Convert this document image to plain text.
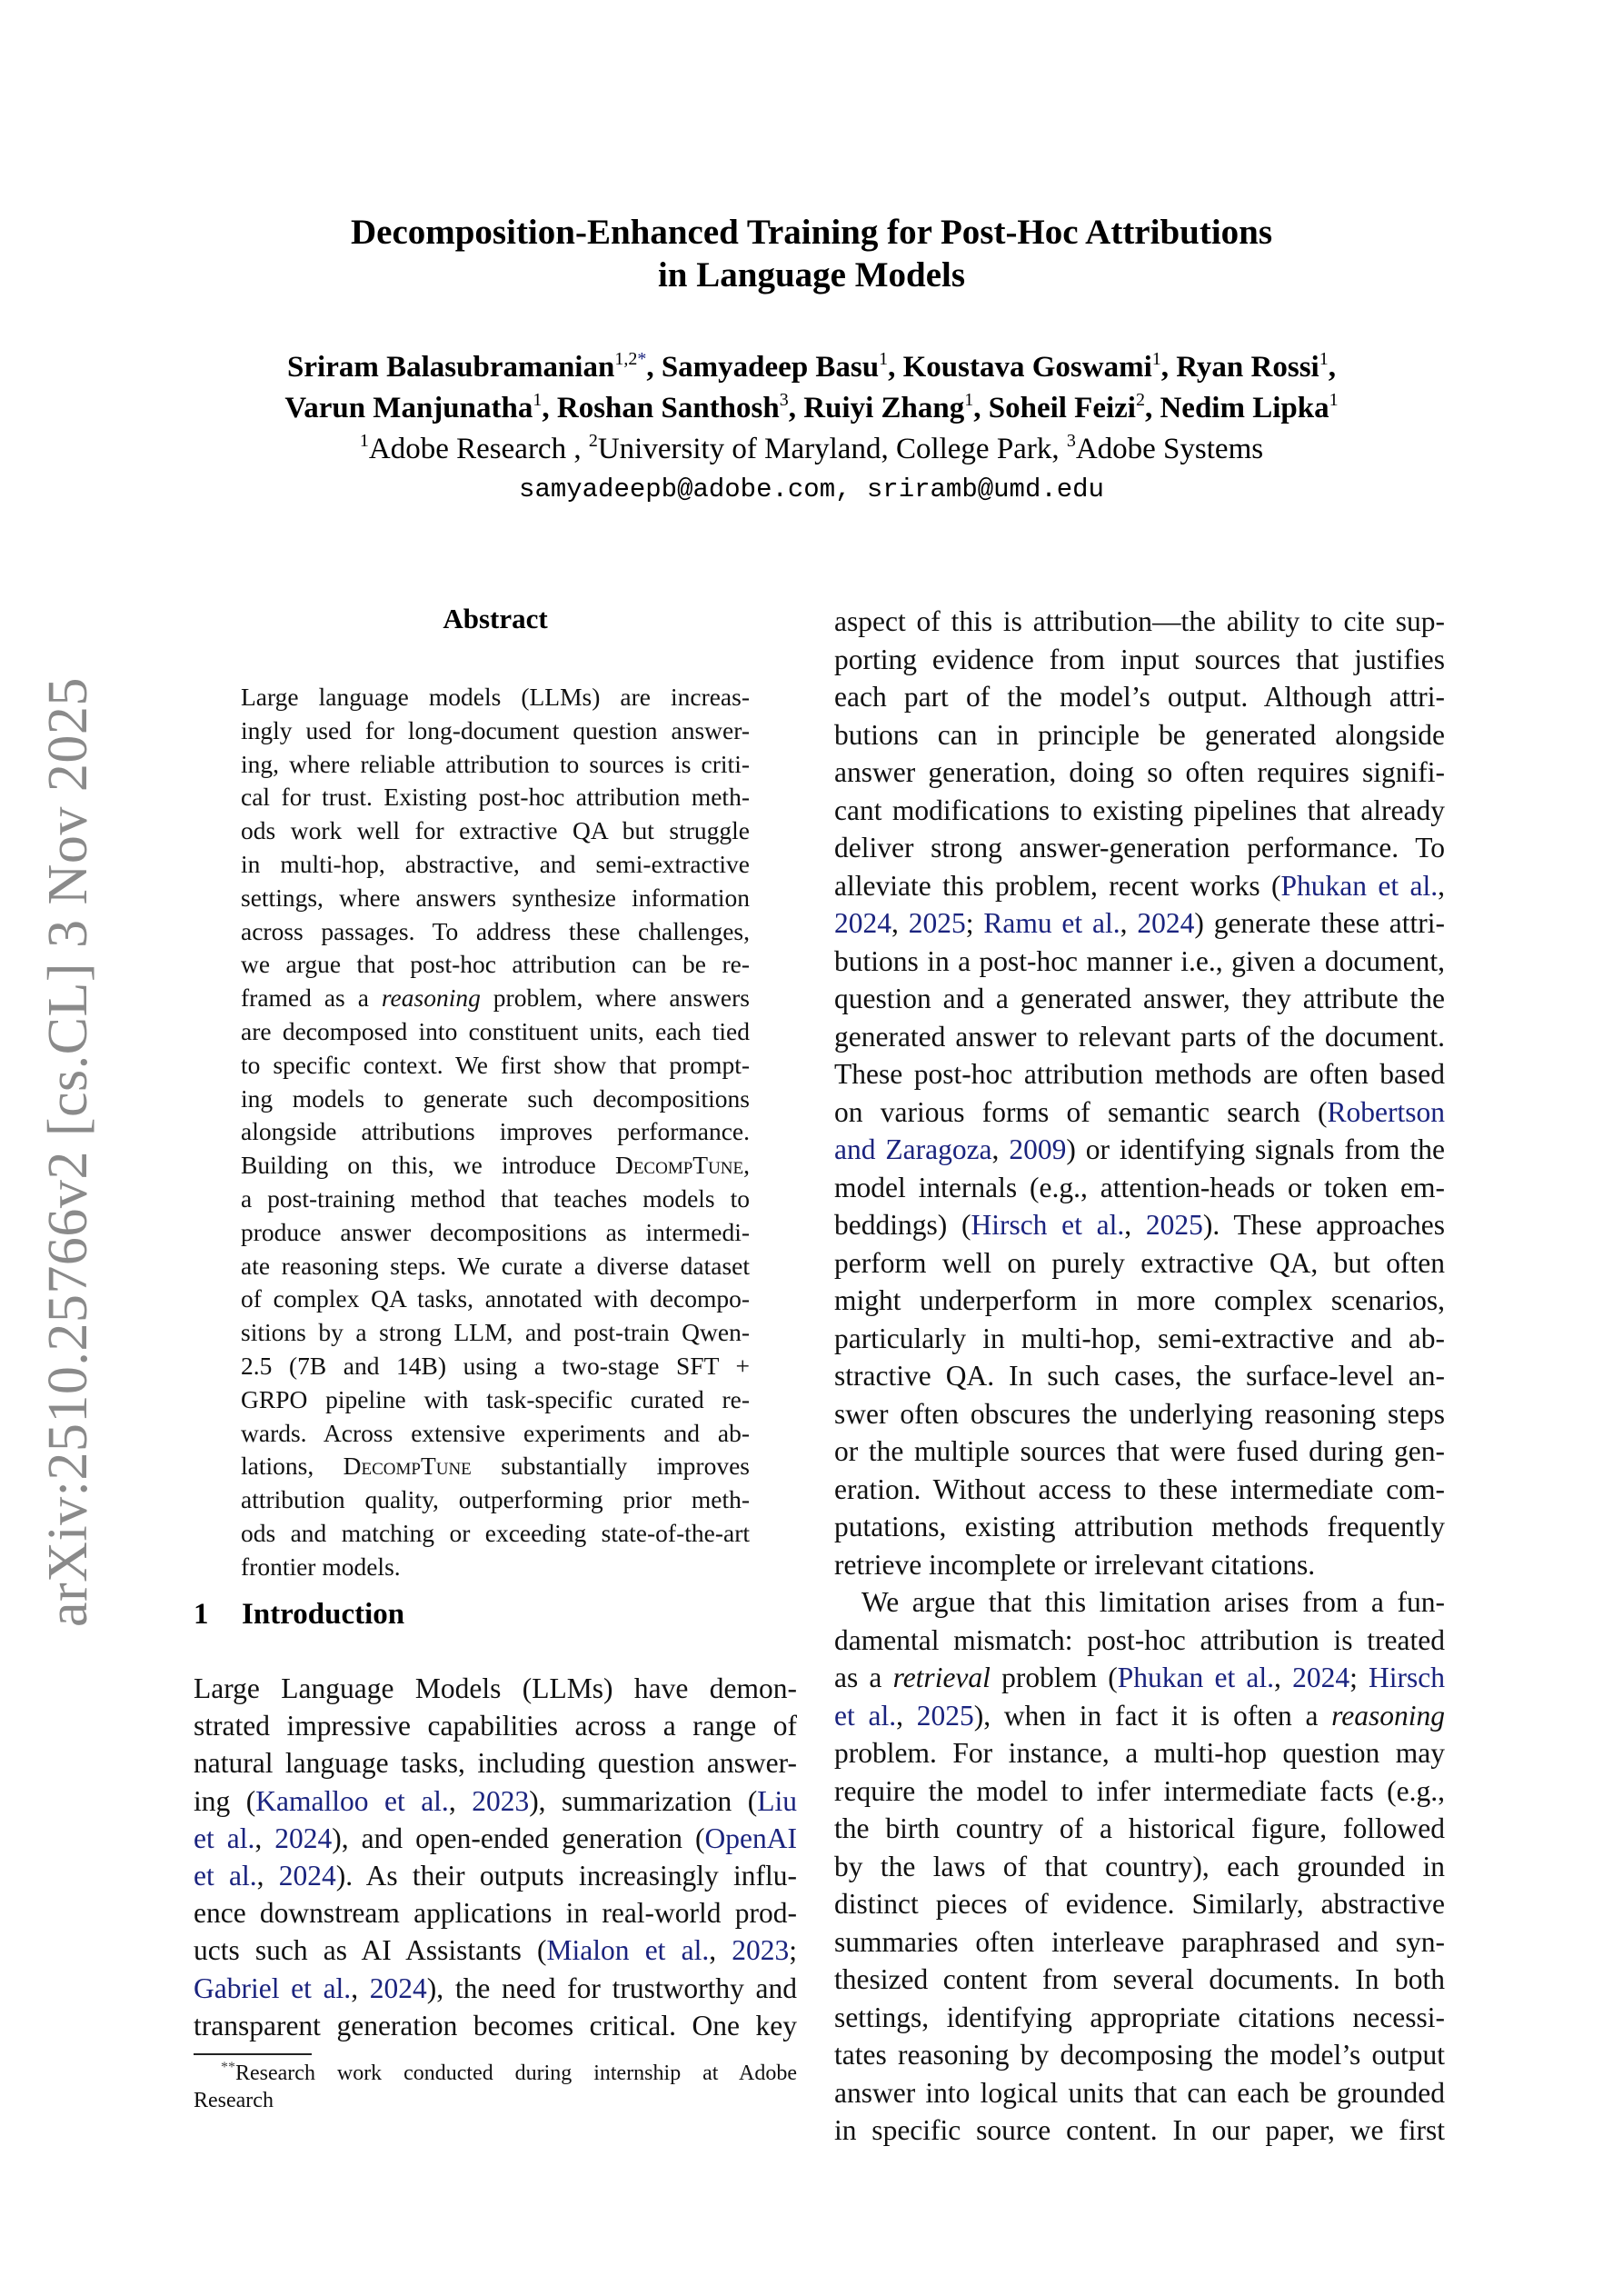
arXiv:2510.25766v2 [cs.CL] 3 Nov 2025
Decomposition-Enhanced Training for Post-Hoc Attributions
in Language Models
Sriram Balasubramanian$^{1,2*}$, Samyadeep Basu$^1$, Koustava Goswami$^1$, Ryan Rossi$^1$,
Varun Manjunatha$^1$, Roshan Santhosh$^3$, Ruiyi Zhang$^1$, Soheil Feizi$^2$, Nedim Lipka$^1$
$^1$Adobe Research , $^2$University of Maryland, College Park, $^3$Adobe Systems
samyadeepb@adobe.com, sriramb@umd.edu
Abstract
Large language models (LLMs) are increas-
ingly used for long-document question answer-
ing, where reliable attribution to sources is criti-
cal for trust. Existing post-hoc attribution meth-
ods work well for extractive QA but struggle
in multi-hop, abstractive, and semi-extractive
settings, where answers synthesize information
across passages. To address these challenges,
we argue that post-hoc attribution can be re-
framed as a reasoning problem, where answers
are decomposed into constituent units, each tied
to specific context. We first show that prompt-
ing models to generate such decompositions
alongside attributions improves performance.
Building on this, we introduce DecompTune,
a post-training method that teaches models to
produce answer decompositions as intermedi-
ate reasoning steps. We curate a diverse dataset
of complex QA tasks, annotated with decompo-
sitions by a strong LLM, and post-train Qwen-
2.5 (7B and 14B) using a two-stage SFT +
GRPO pipeline with task-specific curated re-
wards. Across extensive experiments and ab-
lations, DecompTune substantially improves
attribution quality, outperforming prior meth-
ods and matching or exceeding state-of-the-art
frontier models.
1 Introduction
Large Language Models (LLMs) have demon-
strated impressive capabilities across a range of
natural language tasks, including question answer-
ing (Kamalloo et al., 2023), summarization (Liu
et al., 2024), and open-ended generation (OpenAI
et al., 2024). As their outputs increasingly influ-
ence downstream applications in real-world prod-
ucts such as AI Assistants (Mialon et al., 2023;
Gabriel et al., 2024), the need for trustworthy and
transparent generation becomes critical. One key
aspect of this is attribution—the ability to cite sup-
porting evidence from input sources that justifies
each part of the model’s output. Although attri-
butions can in principle be generated alongside
answer generation, doing so often requires signifi-
cant modifications to existing pipelines that already
deliver strong answer-generation performance. To
alleviate this problem, recent works (Phukan et al.,
2024, 2025; Ramu et al., 2024) generate these attri-
butions in a post-hoc manner i.e., given a document,
question and a generated answer, they attribute the
generated answer to relevant parts of the document.
These post-hoc attribution methods are often based
on various forms of semantic search (Robertson
and Zaragoza, 2009) or identifying signals from the
model internals (e.g., attention-heads or token em-
beddings) (Hirsch et al., 2025). These approaches
perform well on purely extractive QA, but often
might underperform in more complex scenarios,
particularly in multi-hop, semi-extractive and ab-
stractive QA. In such cases, the surface-level an-
swer often obscures the underlying reasoning steps
or the multiple sources that were fused during gen-
eration. Without access to these intermediate com-
putations, existing attribution methods frequently
retrieve incomplete or irrelevant citations.
We argue that this limitation arises from a fun-
damental mismatch: post-hoc attribution is treated
as a retrieval problem (Phukan et al., 2024; Hirsch
et al., 2025), when in fact it is often a reasoning
problem. For instance, a multi-hop question may
require the model to infer intermediate facts (e.g.,
the birth country of a historical figure, followed
by the laws of that country), each grounded in
distinct pieces of evidence. Similarly, abstractive
summaries often interleave paraphrased and syn-
thesized content from several documents. In both
settings, identifying appropriate citations necessi-
tates reasoning by decomposing the model’s output
answer into logical units that can each be grounded
in specific source content. In our paper, we first
**Research work conducted during internship at Adobe
Research
